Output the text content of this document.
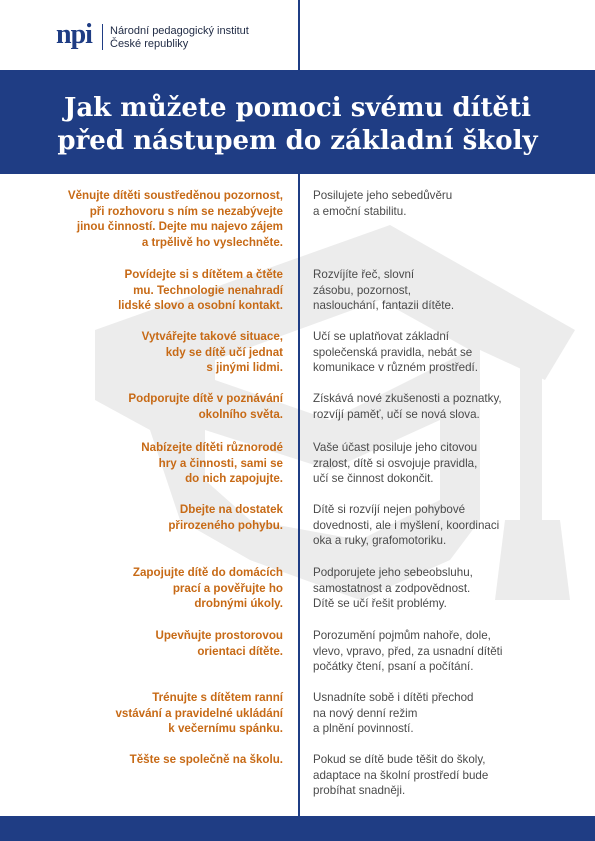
npi Národní pedagogický institut
České republiky
Jak můžete pomoci svému dítěti
před nástupem do základní školy
Věnujte dítěti soustředěnou pozornost,
při rozhovoru s ním se nezabývejte
jinou činností. Dejte mu najevo zájem
a trpělivě ho vyslechněte.
Posilujete jeho sebedůvěru
a emoční stabilitu.
Povídejte si s dítětem a čtěte
mu. Technologie nenahradí
lidské slovo a osobní kontakt.
Rozvíjíte řeč, slovní
zásobu, pozornost,
naslouchání, fantazii dítěte.
Vytvářejte takové situace,
kdy se dítě učí jednat
s jinými lidmi.
Učí se uplatňovat základní
společenská pravidla, nebát se
komunikace v různém prostředí.
Podporujte dítě v poznávání
okolního světa.
Získává nové zkušenosti a poznatky,
rozvíjí paměť, učí se nová slova.
Nabízejte dítěti různorodé
hry a činnosti, sami se
do nich zapojujte.
Vaše účast posiluje jeho citovou
zralost, dítě si osvojuje pravidla,
učí se činnost dokončit.
Dbejte na dostatek
přirozeného pohybu.
Dítě si rozvíjí nejen pohybové
dovednosti, ale i myšlení, koordinaci
oka a ruky, grafomotoriku.
Zapojujte dítě do domácích
prací a pověřujte ho
drobnými úkoly.
Podporujete jeho sebeobsluhu,
samostatnost a zodpovědnost.
Dítě se učí řešit problémy.
Upevňujte prostorovou
orientaci dítěte.
Porozumění pojmům nahoře, dole,
vlevo, vpravo, před, za usnadní dítěti
počátky čtení, psaní a počítání.
Trénujte s dítětem ranní
vstávání a pravidelné ukládání
k večernímu spánku.
Usnadníte sobě i dítěti přechod
na nový denní režim
a plnění povinností.
Těšte se společně na školu.	Pokud se dítě bude těšit do školy,
adaptace na školní prostředí bude
probíhat snadněji.
